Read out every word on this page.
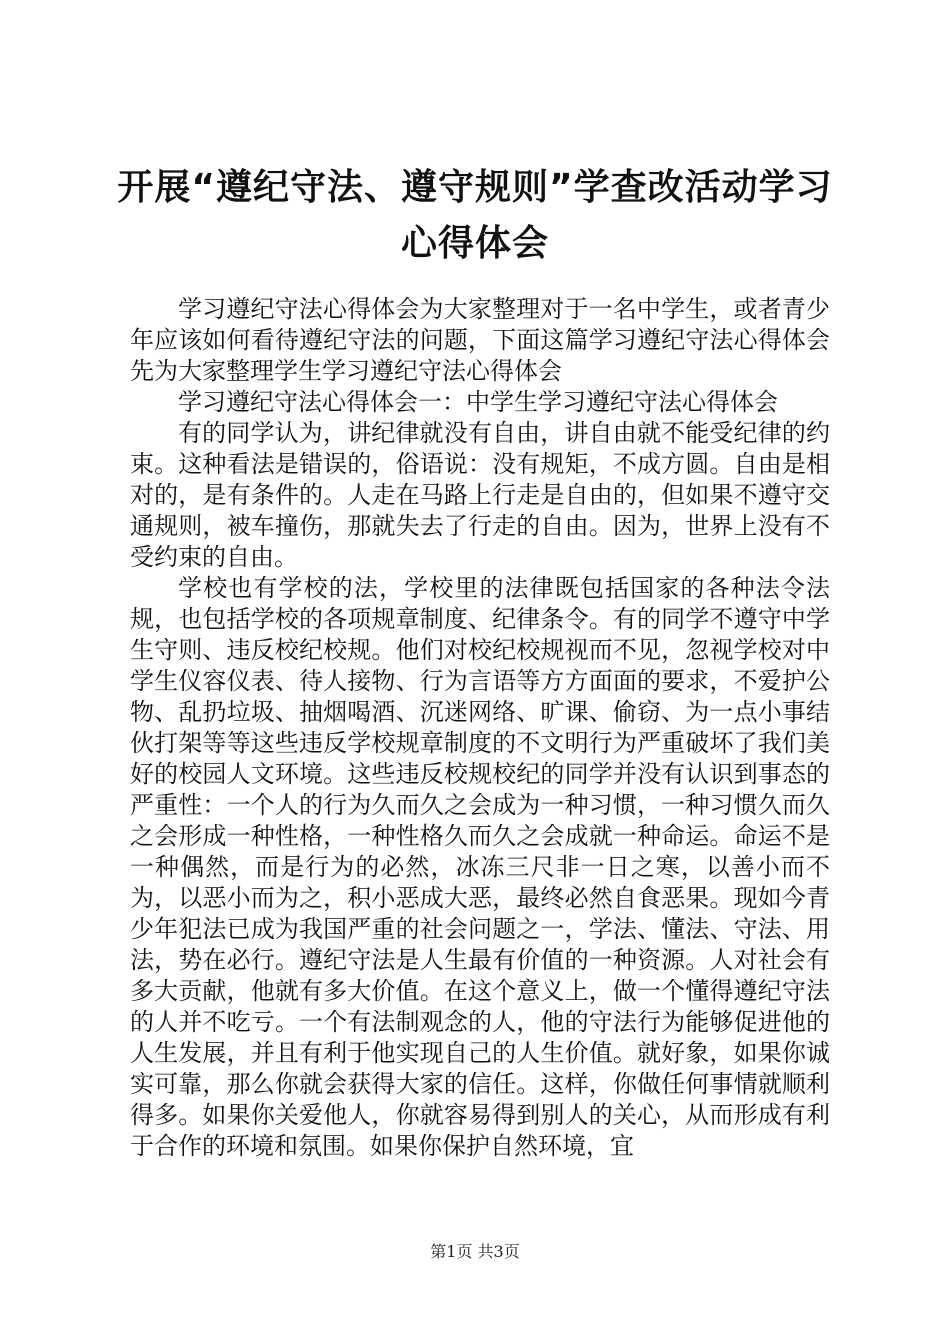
开展“遵纪守法、遵守规则”学查改活动学习
心得体会

学习遵纪守法心得体会为大家整理对于一名中学生，或者青少年应该如何看待遵纪守法的问题，下面这篇学习遵纪守法心得体会先为大家整理学生学习遵纪守法心得体会

学习遵纪守法心得体会一：中学生学习遵纪守法心得体会

有的同学认为，讲纪律就没有自由，讲自由就不能受纪律的约束。这种看法是错误的，俗语说：没有规矩，不成方圆。自由是相对的，是有条件的。人走在马路上行走是自由的，但如果不遵守交通规则，被车撞伤，那就失去了行走的自由。因为，世界上没有不受约束的自由。

学校也有学校的法，学校里的法律既包括国家的各种法令法规，也包括学校的各项规章制度、纪律条令。有的同学不遵守中学生守则、违反校纪校规。他们对校纪校规视而不见，忽视学校对中学生仪容仪表、待人接物、行为言语等方方面面的要求，不爱护公物、乱扔垃圾、抽烟喝酒、沉迷网络、旷课、偷窃、为一点小事结伙打架等等这些违反学校规章制度的不文明行为严重破坏了我们美好的校园人文环境。这些违反校规校纪的同学并没有认识到事态的严重性：一个人的行为久而久之会成为一种习惯，一种习惯久而久之会形成一种性格，一种性格久而久之会成就一种命运。命运不是一种偶然，而是行为的必然，冰冻三尺非一日之寒，以善小而不为，以恶小而为之，积小恶成大恶，最终必然自食恶果。现如今青少年犯法已成为我国严重的社会问题之一，学法、懂法、守法、用法，势在必行。遵纪守法是人生最有价值的一种资源。人对社会有多大贡献，他就有多大价值。在这个意义上，做一个懂得遵纪守法的人并不吃亏。一个有法制观念的人，他的守法行为能够促进他的人生发展，并且有利于他实现自己的人生价值。就好象，如果你诚实可靠，那么你就会获得大家的信任。这样，你做任何事情就顺利得多。如果你关爱他人，你就容易得到别人的关心，从而形成有利于合作的环境和氛围。如果你保护自然环境，宜

第1页 共3页
